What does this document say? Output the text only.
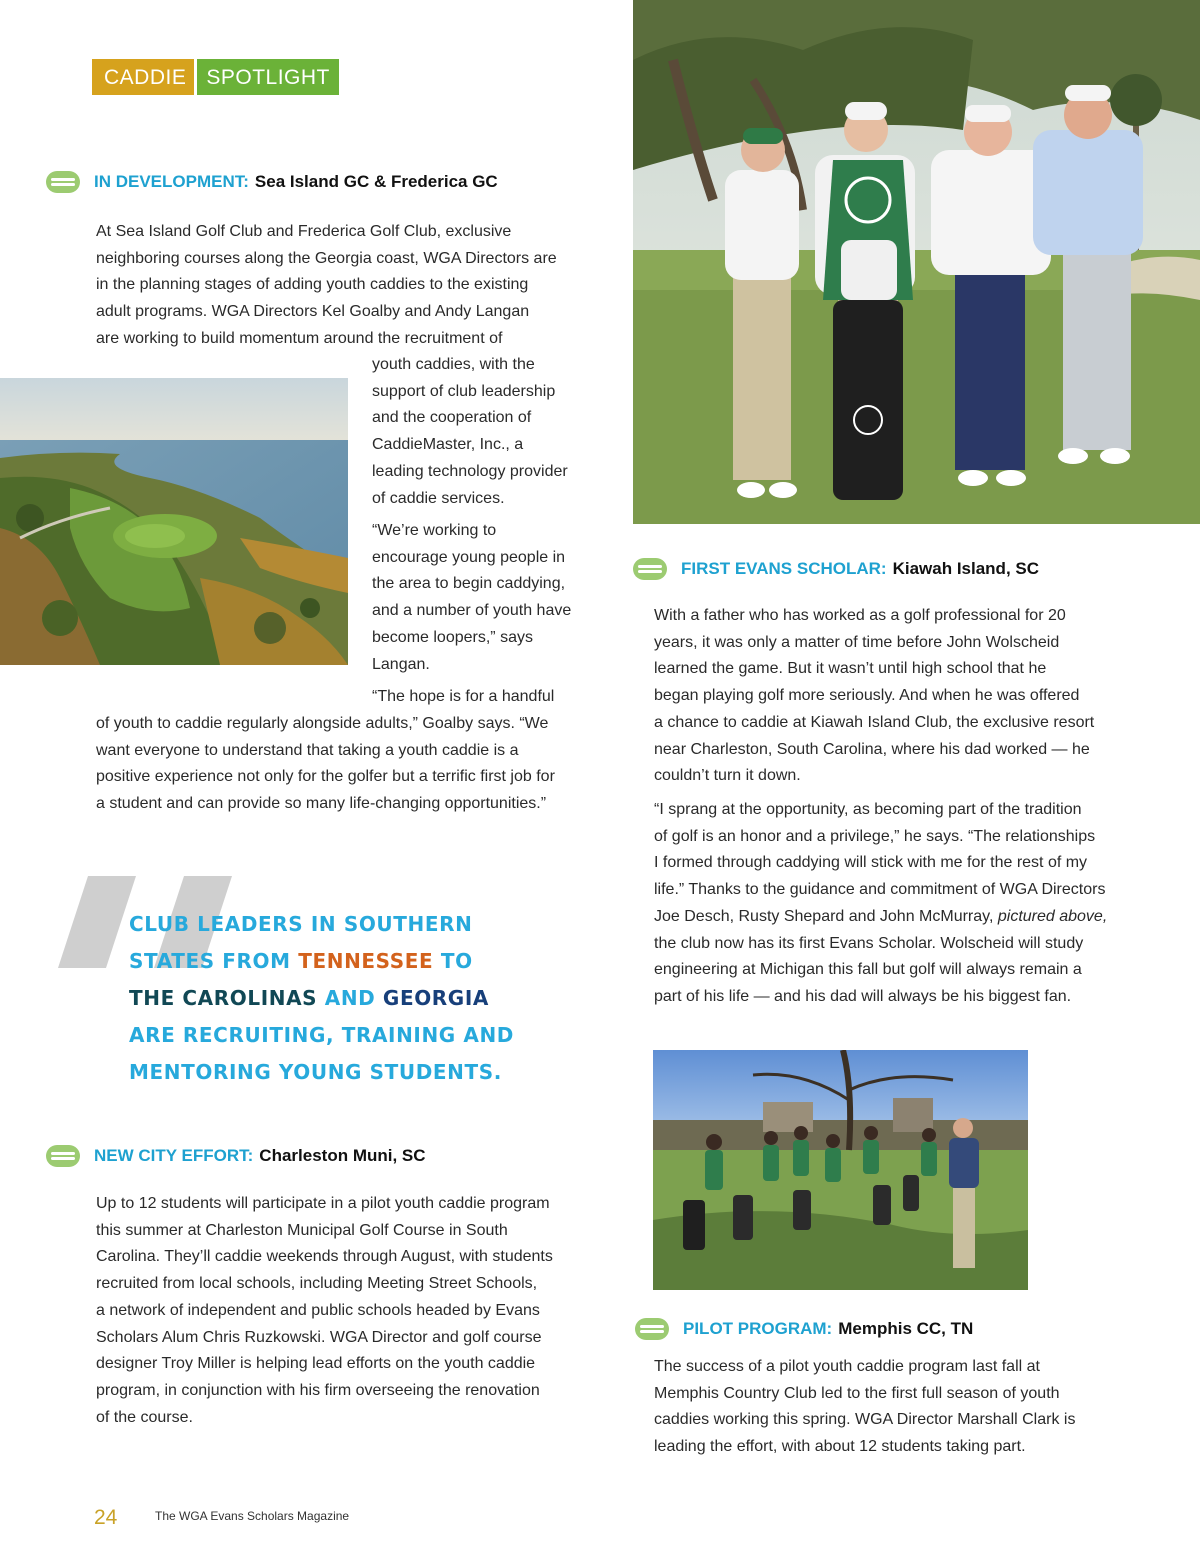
CADDIE SPOTLIGHT
IN DEVELOPMENT: Sea Island GC & Frederica GC
At Sea Island Golf Club and Frederica Golf Club, exclusive
neighboring courses along the Georgia coast, WGA Directors are
in the planning stages of adding youth caddies to the existing
adult programs. WGA Directors Kel Goalby and Andy Langan
are working to build momentum around the recruitment of
youth caddies, with the
support of club leadership
and the cooperation of
CaddieMaster, Inc., a
leading technology provider
of caddie services.
“We’re working to
encourage young people in
the area to begin caddying,
and a number of youth have
become loopers,” says
Langan.
“The hope is for a handful
of youth to caddie regularly alongside adults,” Goalby says. “We
want everyone to understand that taking a youth caddie is a
positive experience not only for the golfer but a terrific first job for
a student and can provide so many life-changing opportunities.”
CLUB LEADERS IN SOUTHERN
STATES FROM TENNESSEE TO
THE CAROLINAS AND GEORGIA
ARE RECRUITING, TRAINING AND
MENTORING YOUNG STUDENTS.
NEW CITY EFFORT: Charleston Muni, SC
Up to 12 students will participate in a pilot youth caddie program
this summer at Charleston Municipal Golf Course in South
Carolina. They’ll caddie weekends through August, with students
recruited from local schools, including Meeting Street Schools,
a network of independent and public schools headed by Evans
Scholars Alum Chris Ruzkowski. WGA Director and golf course
designer Troy Miller is helping lead efforts on the youth caddie
program, in conjunction with his firm overseeing the renovation
of the course.
FIRST EVANS SCHOLAR: Kiawah Island, SC
With a father who has worked as a golf professional for 20
years, it was only a matter of time before John Wolscheid
learned the game. But it wasn’t until high school that he
began playing golf more seriously. And when he was offered
a chance to caddie at Kiawah Island Club, the exclusive resort
near Charleston, South Carolina, where his dad worked — he
couldn’t turn it down.
“I sprang at the opportunity, as becoming part of the tradition
of golf is an honor and a privilege,” he says. “The relationships
I formed through caddying will stick with me for the rest of my
life.” Thanks to the guidance and commitment of WGA Directors
Joe Desch, Rusty Shepard and John McMurray, pictured above,
the club now has its first Evans Scholar. Wolscheid will study
engineering at Michigan this fall but golf will always remain a
part of his life — and his dad will always be his biggest fan.
PILOT PROGRAM: Memphis CC, TN
The success of a pilot youth caddie program last fall at
Memphis Country Club led to the first full season of youth
caddies working this spring. WGA Director Marshall Clark is
leading the effort, with about 12 students taking part.
24	The WGA Evans Scholars Magazine
